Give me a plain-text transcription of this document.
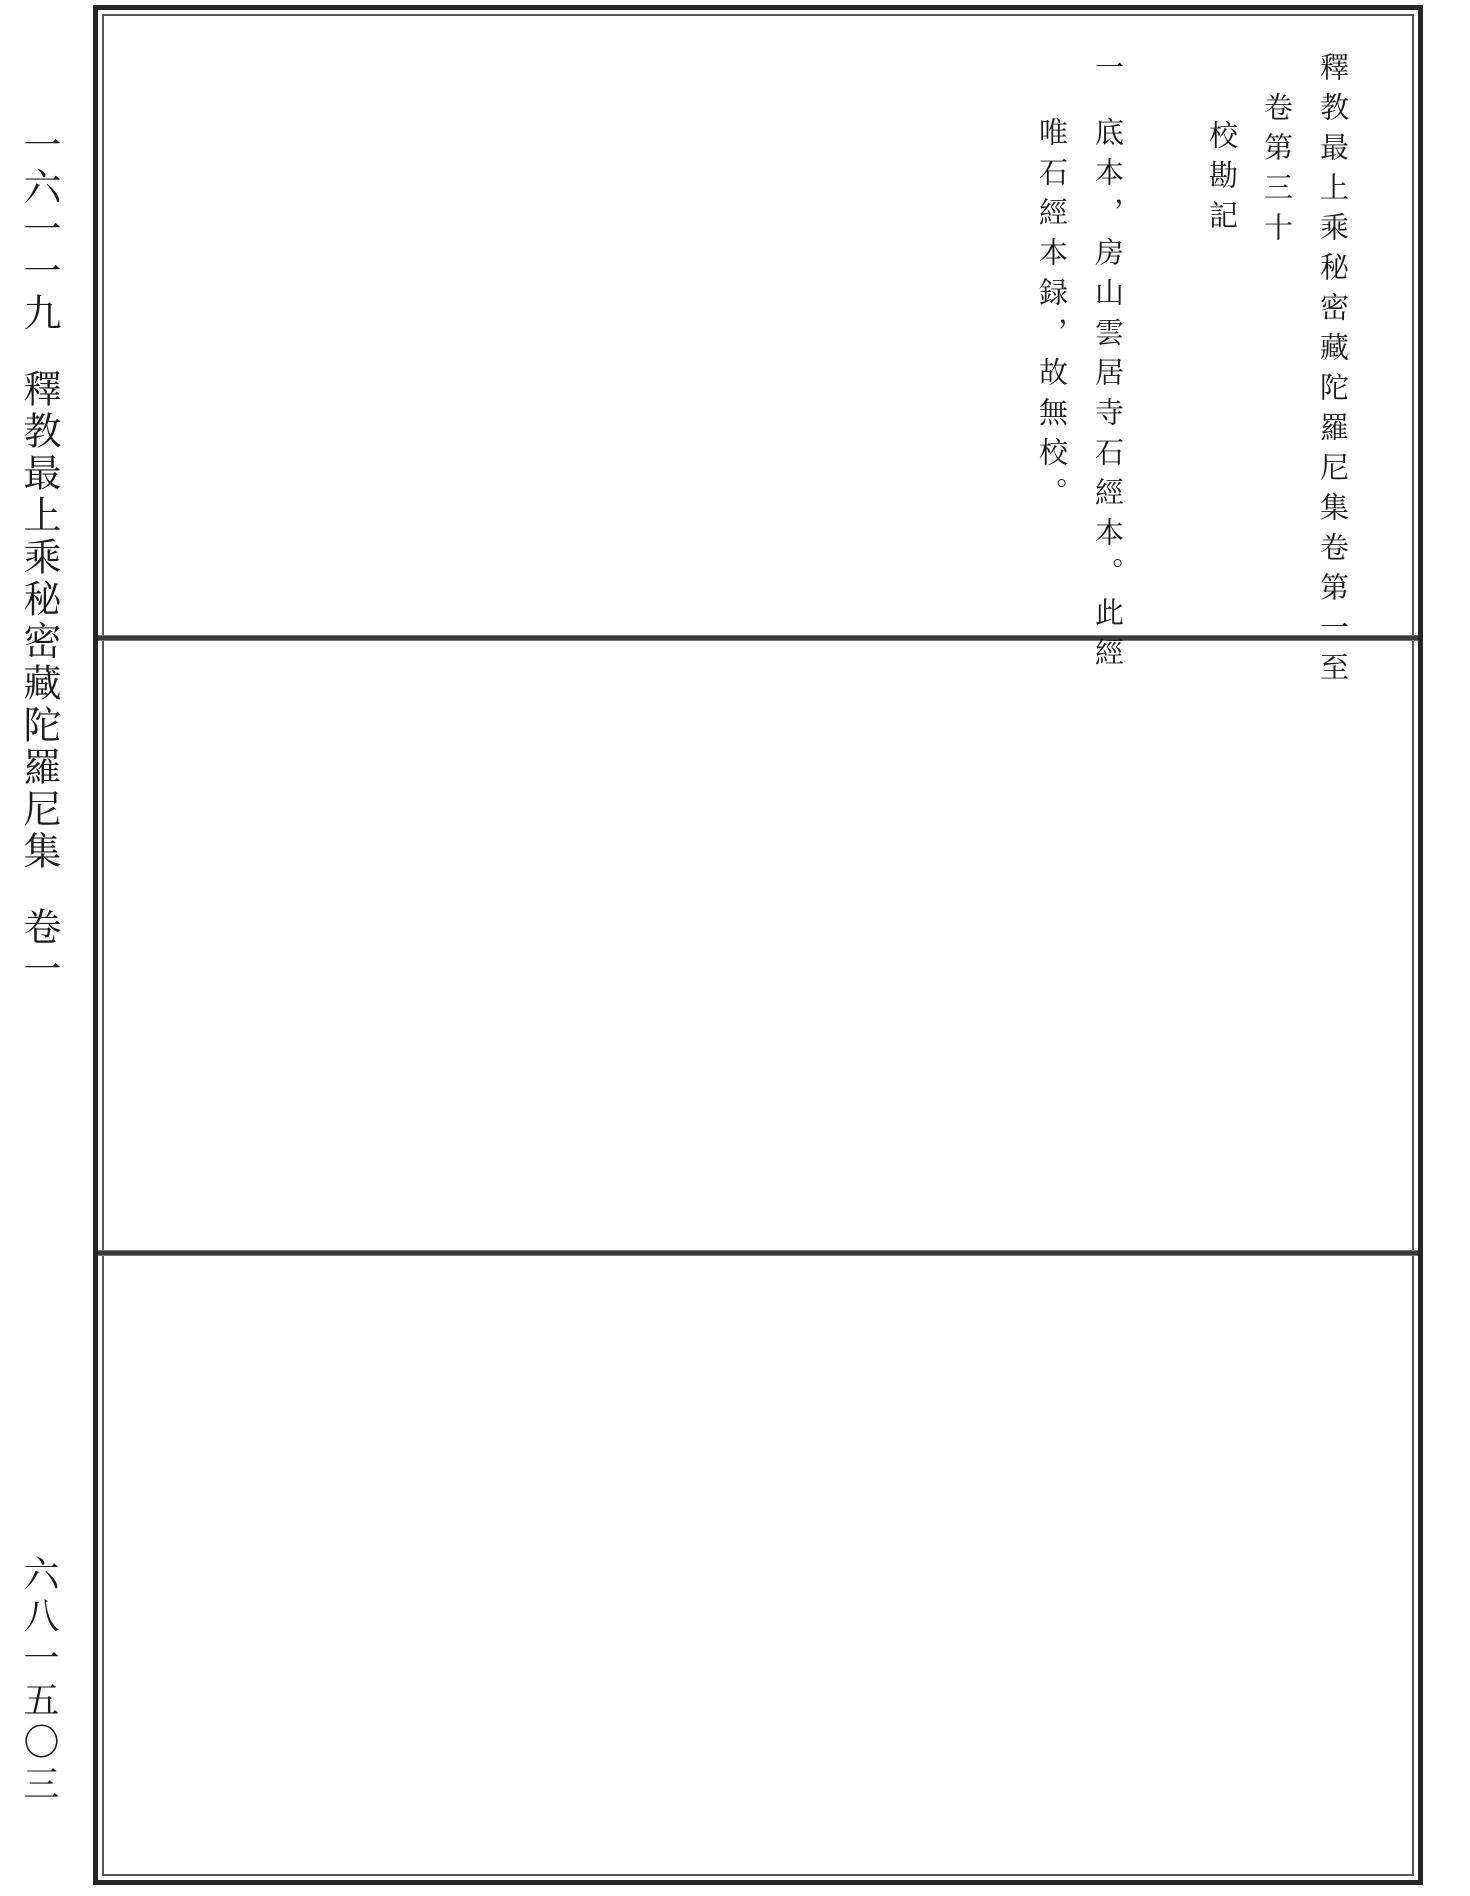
一六一一九釋教最上乘秘密藏陀羅尼集卷一
六八一五〇三
釋教最上乘秘密藏陀羅尼集卷第一至
卷第三十
校勘記
一
底本，房山雲居寺石經本。此經
唯石經本録，故無校。
